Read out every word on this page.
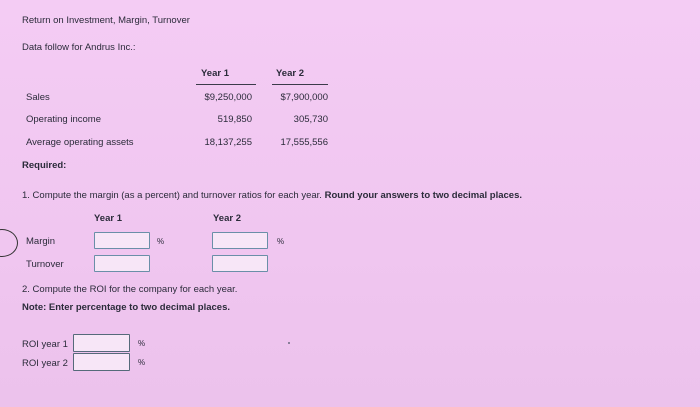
Return on Investment, Margin, Turnover
Data follow for Andrus Inc.:
Year 1	Year 2
Sales	$9,250,000	$7,900,000
Operating income	519,850	305,730
Average operating assets	18,137,255	17,555,556
Required:
1. Compute the margin (as a percent) and turnover ratios for each year. Round your answers to two decimal places.
Year 1	Year 2
Margin	%	%
Turnover
2. Compute the ROI for the company for each year.
Note: Enter percentage to two decimal places.
ROI year 1	%
ROI year 2	%
